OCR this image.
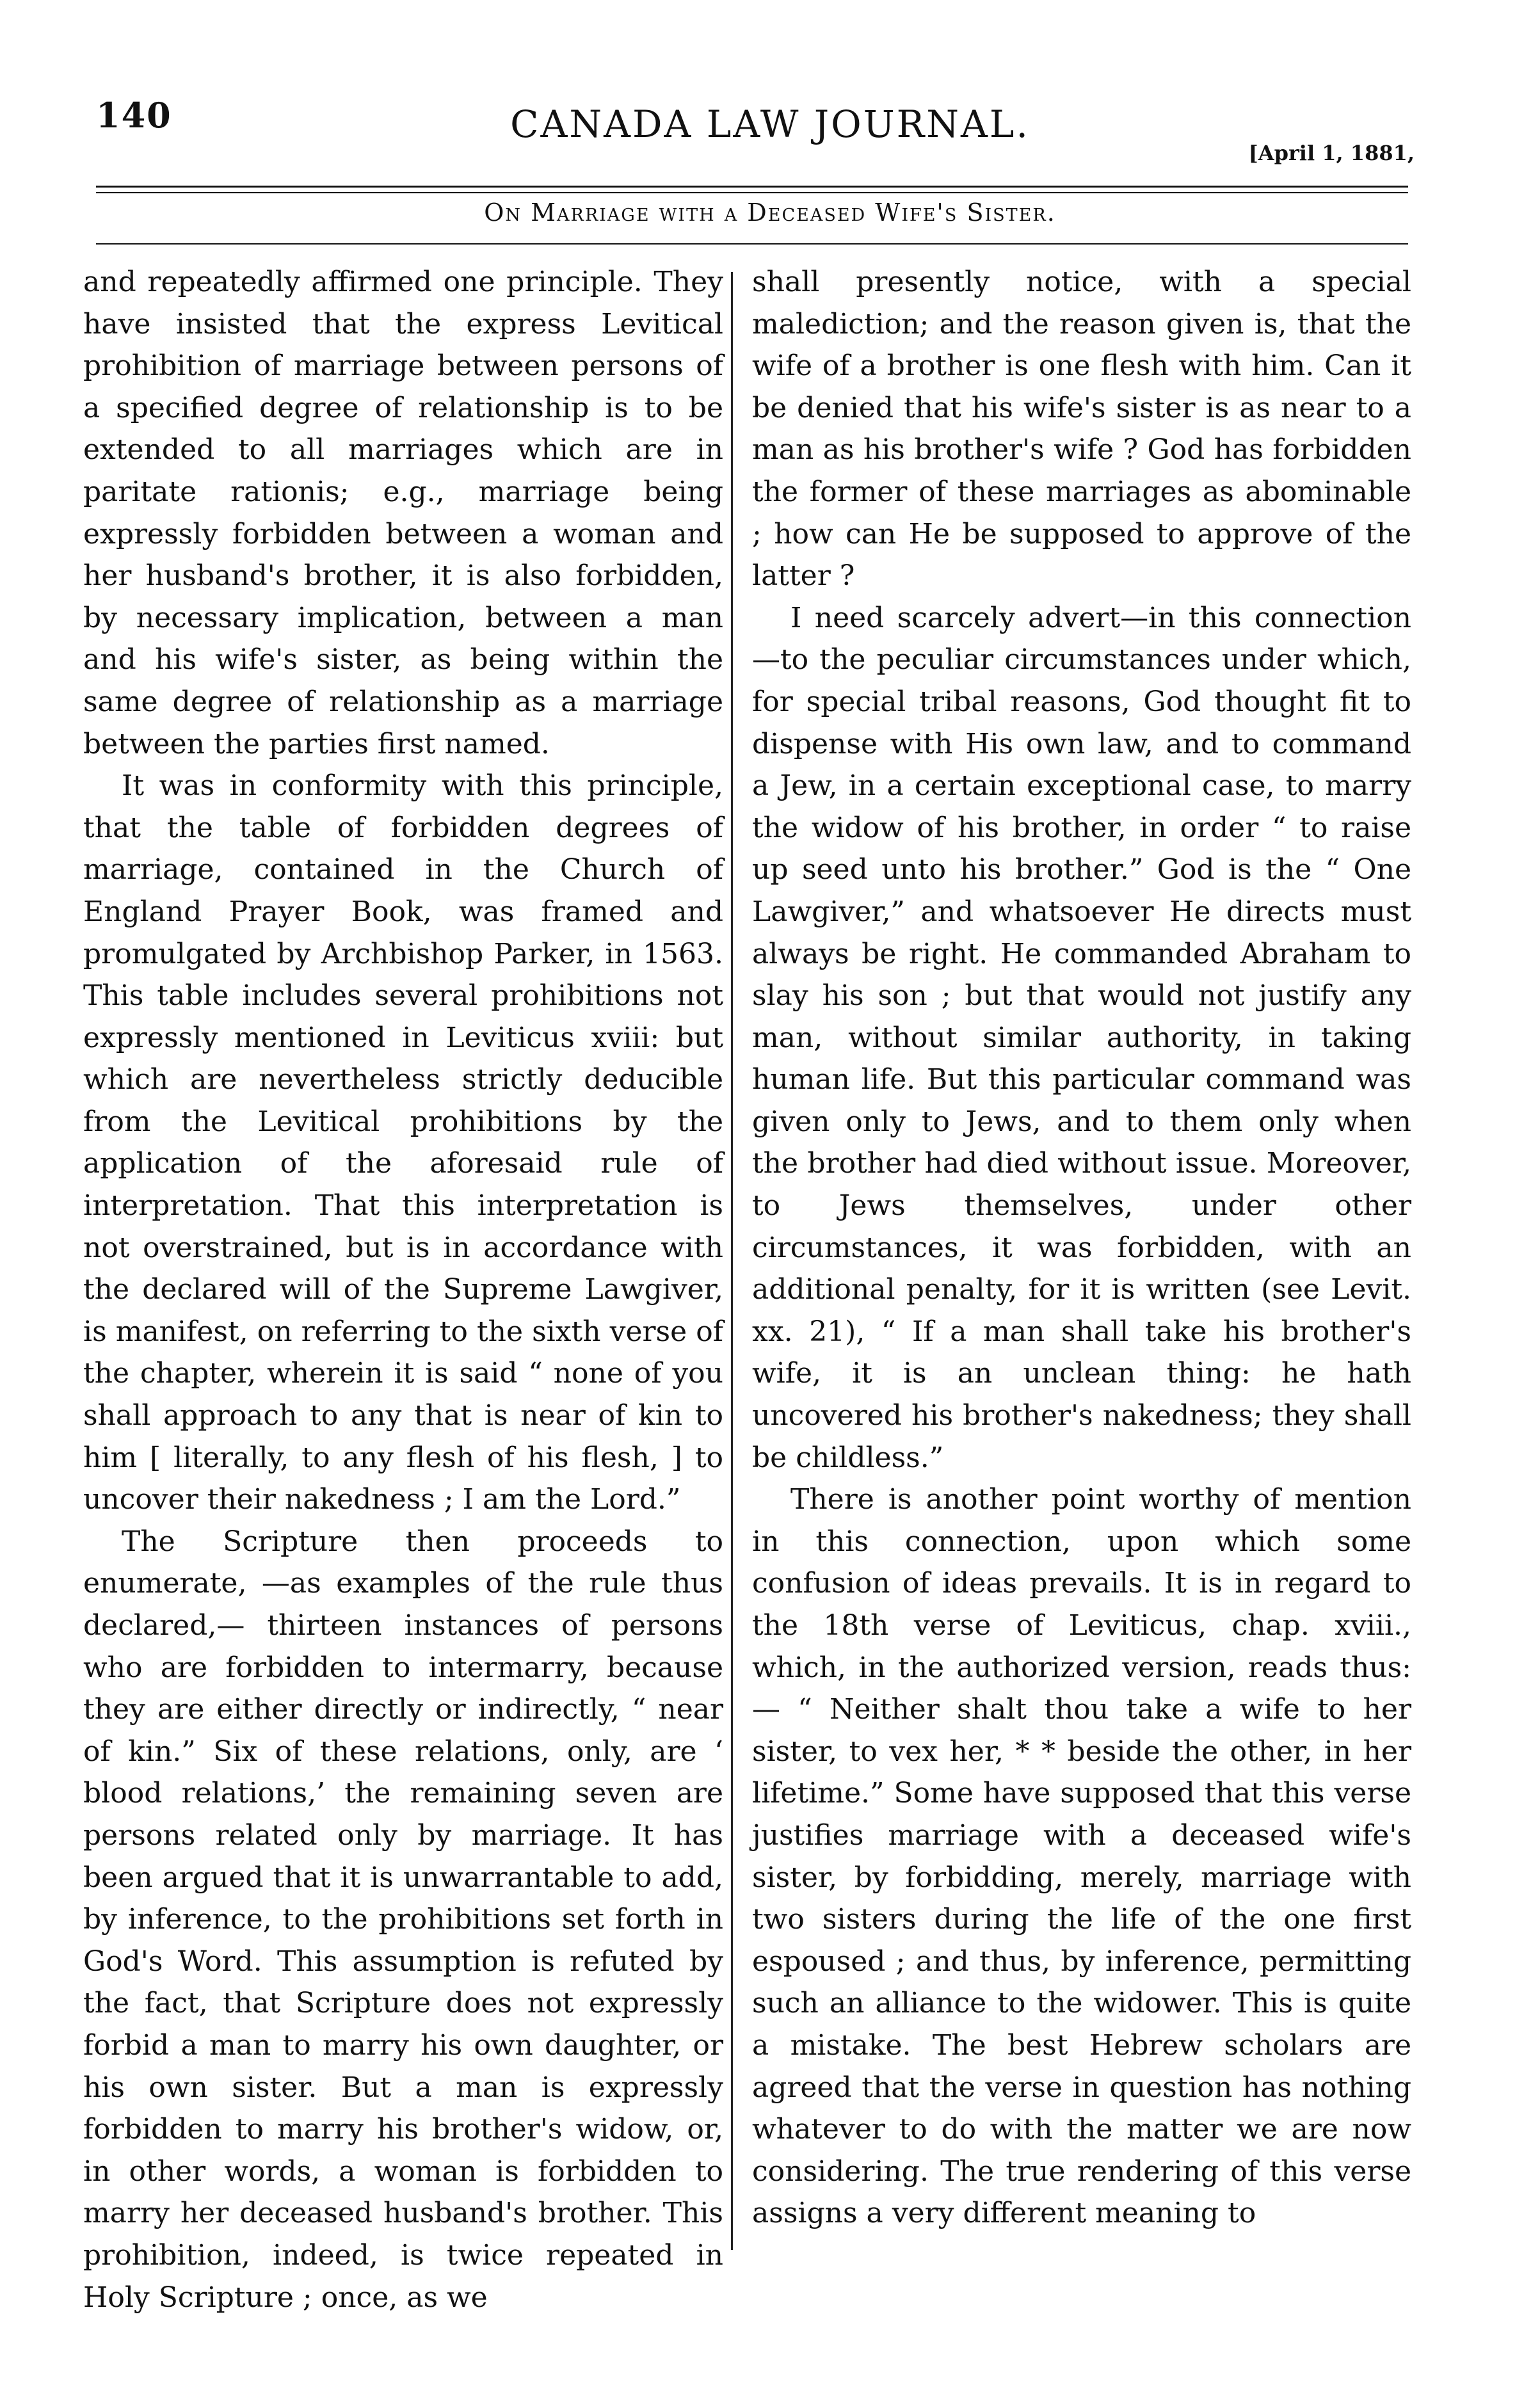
140	CANADA LAW JOURNAL.
[April 1, 1881,
On Marriage with a Deceased Wife's Sister.

and repeatedly affirmed one principle. They have insisted that the express Levitical prohibition of marriage between persons of a specified degree of relationship is to be extended to all marriages which are in paritate rationis; e.g., marriage being expressly forbidden between a woman and her husband's brother, it is also forbidden, by necessary implication, between a man and his wife's sister, as being within the same degree of relationship as a marriage between the parties first named.

It was in conformity with this principle, that the table of forbidden degrees of marriage, contained in the Church of England Prayer Book, was framed and promulgated by Archbishop Parker, in 1563. This table includes several prohibitions not expressly mentioned in Leviticus xviii: but which are nevertheless strictly deducible from the Levitical prohibitions by the application of the aforesaid rule of interpretation. That this interpretation is not overstrained, but is in accordance with the declared will of the Supreme Lawgiver, is manifest, on referring to the sixth verse of the chapter, wherein it is said “ none of you shall approach to any that is near of kin to him [ literally, to any flesh of his flesh, ] to uncover their nakedness ; I am the Lord.”

The Scripture then proceeds to enumerate, —as examples of the rule thus declared,— thirteen instances of persons who are forbidden to intermarry, because they are either directly or indirectly, “ near of kin.” Six of these relations, only, are ‘ blood relations,’ the remaining seven are persons related only by marriage. It has been argued that it is unwarrantable to add, by inference, to the prohibitions set forth in God's Word. This assumption is refuted by the fact, that Scripture does not expressly forbid a man to marry his own daughter, or his own sister. But a man is expressly forbidden to marry his brother's widow, or, in other words, a woman is forbidden to marry her deceased husband's brother. This prohibition, indeed, is twice repeated in Holy Scripture ; once, as we

shall presently notice, with a special malediction; and the reason given is, that the wife of a brother is one flesh with him. Can it be denied that his wife's sister is as near to a man as his brother's wife ? God has forbidden the former of these marriages as abominable ; how can He be supposed to approve of the latter ?

I need scarcely advert—in this connection—to the peculiar circumstances under which, for special tribal reasons, God thought fit to dispense with His own law, and to command a Jew, in a certain exceptional case, to marry the widow of his brother, in order “ to raise up seed unto his brother.” God is the “ One Lawgiver,” and whatsoever He directs must always be right. He commanded Abraham to slay his son ; but that would not justify any man, without similar authority, in taking human life. But this particular command was given only to Jews, and to them only when the brother had died without issue. Moreover, to Jews themselves, under other circumstances, it was forbidden, with an additional penalty, for it is written (see Levit. xx. 21), “ If a man shall take his brother's wife, it is an unclean thing: he hath uncovered his brother's nakedness; they shall be childless.”

There is another point worthy of mention in this connection, upon which some confusion of ideas prevails. It is in regard to the 18th verse of Leviticus, chap. xviii., which, in the authorized version, reads thus:— “ Neither shalt thou take a wife to her sister, to vex her, * * beside the other, in her lifetime.” Some have supposed that this verse justifies marriage with a deceased wife's sister, by forbidding, merely, marriage with two sisters during the life of the one first espoused ; and thus, by inference, permitting such an alliance to the widower. This is quite a mistake. The best Hebrew scholars are agreed that the verse in question has nothing whatever to do with the matter we are now considering. The true rendering of this verse assigns a very different meaning to
